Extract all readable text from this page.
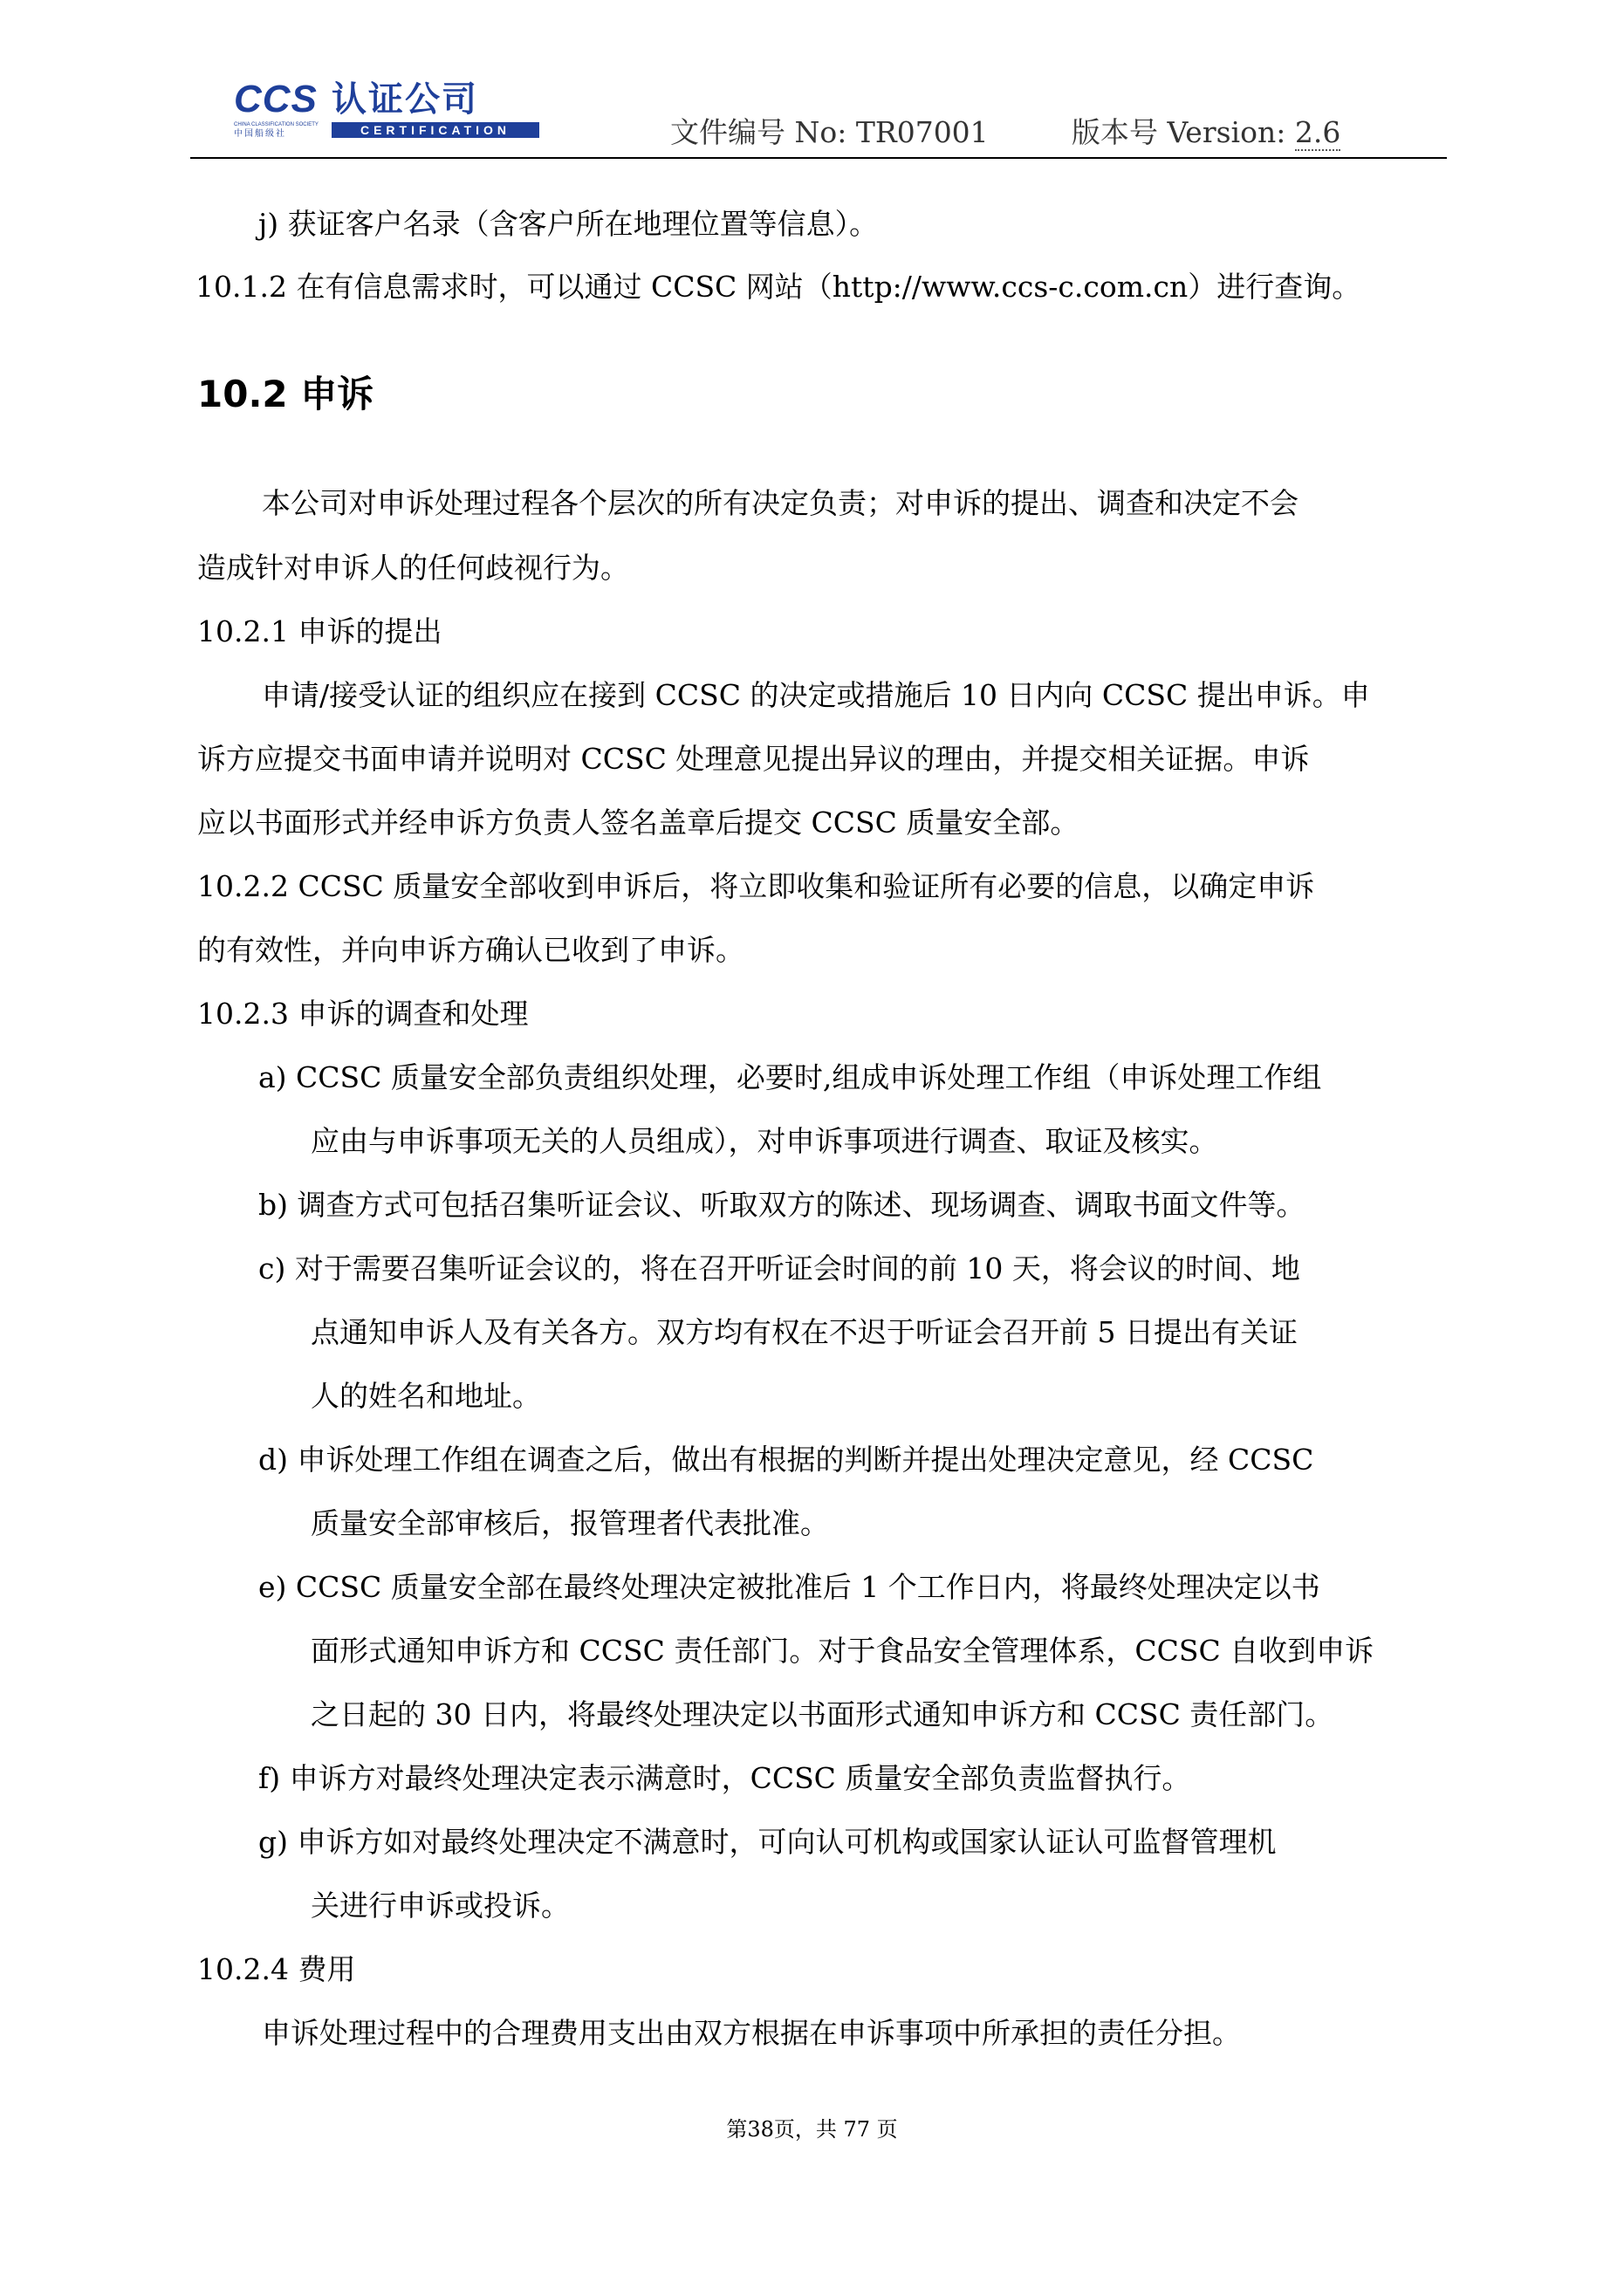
CCS 认证公司
CHINA CLASSIFICATION SOCIETY
中国船级社	CERTIFICATION	文件编号 No: TR07001	版本号 Version: 2.6
j) 获证客户名录（含客户所在地理位置等信息）。
10.1.2 在有信息需求时，可以通过 CCSC 网站（http://www.ccs-c.com.cn）进行查询。
10.2 申诉
本公司对申诉处理过程各个层次的所有决定负责；对申诉的提出、调查和决定不会
造成针对申诉人的任何歧视行为。
10.2.1 申诉的提出
申请/接受认证的组织应在接到 CCSC 的决定或措施后 10 日内向 CCSC 提出申诉。申
诉方应提交书面申请并说明对 CCSC 处理意见提出异议的理由，并提交相关证据。申诉
应以书面形式并经申诉方负责人签名盖章后提交 CCSC 质量安全部。
10.2.2 CCSC 质量安全部收到申诉后，将立即收集和验证所有必要的信息，以确定申诉
的有效性，并向申诉方确认已收到了申诉。
10.2.3 申诉的调查和处理
a) CCSC 质量安全部负责组织处理，必要时,组成申诉处理工作组（申诉处理工作组
应由与申诉事项无关的人员组成），对申诉事项进行调查、取证及核实。
b) 调查方式可包括召集听证会议、听取双方的陈述、现场调查、调取书面文件等。
c) 对于需要召集听证会议的，将在召开听证会时间的前 10 天，将会议的时间、地
点通知申诉人及有关各方。双方均有权在不迟于听证会召开前 5 日提出有关证
人的姓名和地址。
d) 申诉处理工作组在调查之后，做出有根据的判断并提出处理决定意见，经 CCSC
质量安全部审核后，报管理者代表批准。
e) CCSC 质量安全部在最终处理决定被批准后 1 个工作日内，将最终处理决定以书
面形式通知申诉方和 CCSC 责任部门。对于食品安全管理体系，CCSC 自收到申诉
之日起的 30 日内，将最终处理决定以书面形式通知申诉方和 CCSC 责任部门。
f) 申诉方对最终处理决定表示满意时，CCSC 质量安全部负责监督执行。
g) 申诉方如对最终处理决定不满意时，可向认可机构或国家认证认可监督管理机
关进行申诉或投诉。
10.2.4 费用
申诉处理过程中的合理费用支出由双方根据在申诉事项中所承担的责任分担。
第38页，共 77 页
